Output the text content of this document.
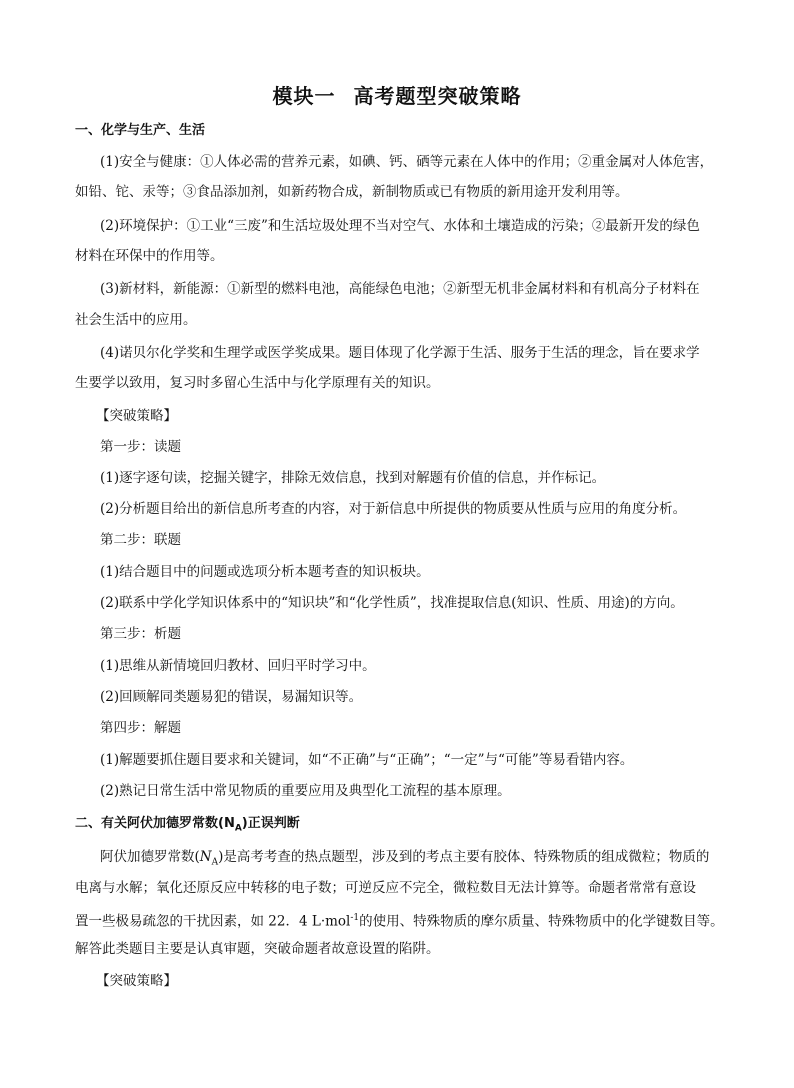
模块一 高考题型突破策略
一、化学与生产、生活
(1)安全与健康：①人体必需的营养元素，如碘、钙、硒等元素在人体中的作用；②重金属对人体危害，
如铅、铊、汞等；③食品添加剂，如新药物合成，新制物质或已有物质的新用途开发利用等。
(2)环境保护：①工业“三废”和生活垃圾处理不当对空气、水体和土壤造成的污染；②最新开发的绿色
材料在环保中的作用等。
(3)新材料，新能源：①新型的燃料电池，高能绿色电池；②新型无机非金属材料和有机高分子材料在
社会生活中的应用。
(4)诺贝尔化学奖和生理学或医学奖成果。题目体现了化学源于生活、服务于生活的理念，旨在要求学
生要学以致用，复习时多留心生活中与化学原理有关的知识。
【突破策略】
第一步：读题
(1)逐字逐句读，挖掘关键字，排除无效信息，找到对解题有价值的信息，并作标记。
(2)分析题目给出的新信息所考查的内容，对于新信息中所提供的物质要从性质与应用的角度分析。
第二步：联题
(1)结合题目中的问题或选项分析本题考查的知识板块。
(2)联系中学化学知识体系中的“知识块”和“化学性质”，找准提取信息(知识、性质、用途)的方向。
第三步：析题
(1)思维从新情境回归教材、回归平时学习中。
(2)回顾解同类题易犯的错误，易漏知识等。
第四步：解题
(1)解题要抓住题目要求和关键词，如“不正确”与“正确”；“一定”与“可能”等易看错内容。
(2)熟记日常生活中常见物质的重要应用及典型化工流程的基本原理。
二、有关阿伏加德罗常数$(N_A)$正误判断
阿伏加德罗常数$(N_A)$是高考考查的热点题型，涉及到的考点主要有胶体、特殊物质的组成微粒；物质的
电离与水解；氧化还原反应中转移的电子数；可逆反应不完全，微粒数目无法计算等。命题者常常有意设
置一些极易疏忽的干扰因素，如 22．4 L·mol$^{-1}$的使用、特殊物质的摩尔质量、特殊物质中的化学键数目等。
解答此类题目主要是认真审题，突破命题者故意设置的陷阱。
【突破策略】
